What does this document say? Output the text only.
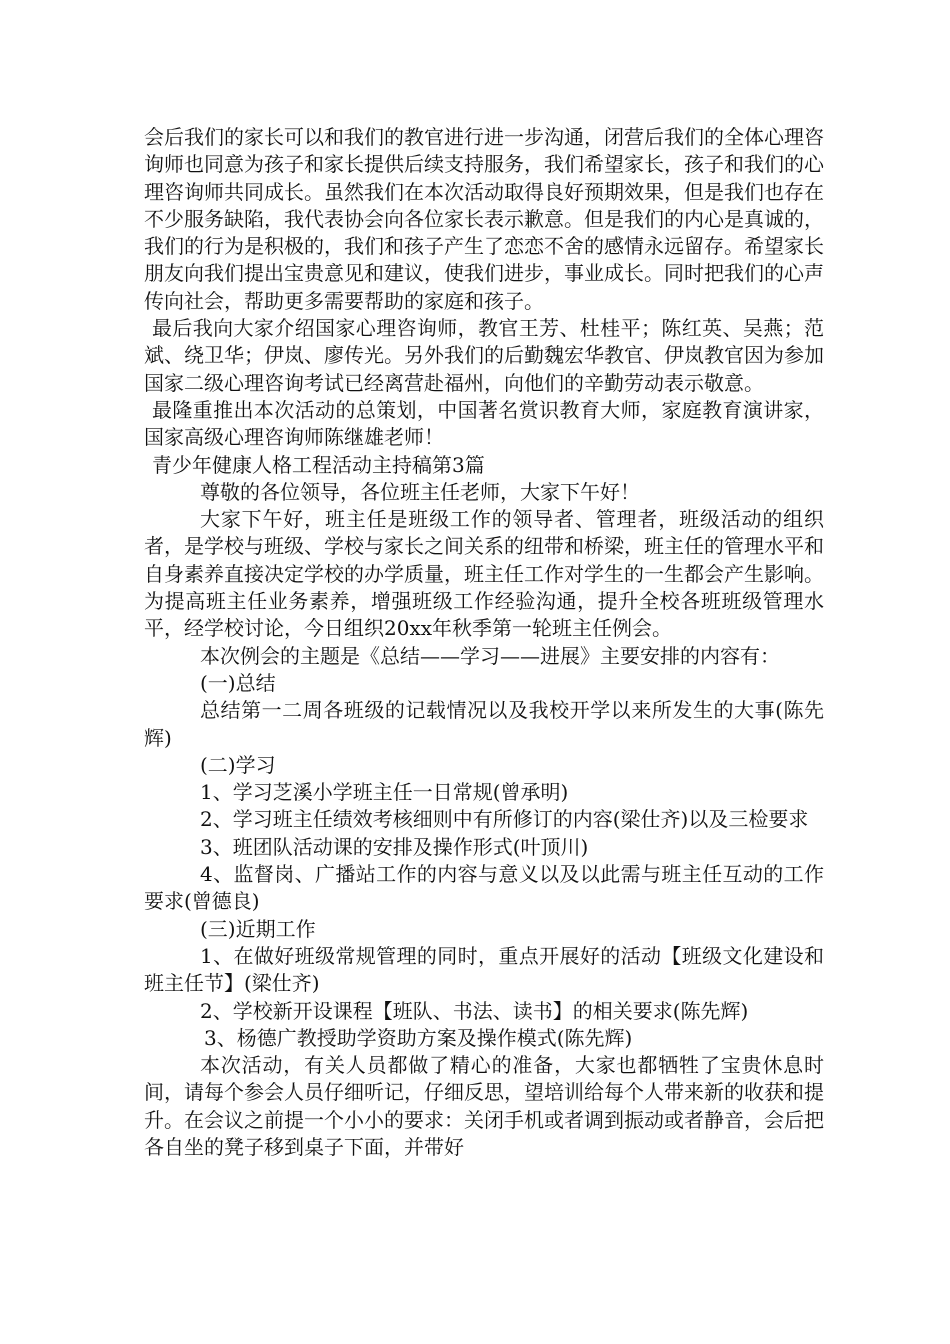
会后我们的家长可以和我们的教官进行进一步沟通，闭营后我们的全体心理咨询师也同意为孩子和家长提供后续支持服务，我们希望家长，孩子和我们的心理咨询师共同成长。虽然我们在本次活动取得良好预期效果，但是我们也存在不少服务缺陷，我代表协会向各位家长表示歉意。但是我们的内心是真诚的，我们的行为是积极的，我们和孩子产生了恋恋不舍的感情永远留存。希望家长朋友向我们提出宝贵意见和建议，使我们进步，事业成长。同时把我们的心声传向社会，帮助更多需要帮助的家庭和孩子。

最后我向大家介绍国家心理咨询师，教官王芳、杜桂平；陈红英、吴燕；范斌、绕卫华；伊岚、廖传光。另外我们的后勤魏宏华教官、伊岚教官因为参加国家二级心理咨询考试已经离营赴福州，向他们的辛勤劳动表示敬意。

最隆重推出本次活动的总策划，中国著名赏识教育大师，家庭教育演讲家，国家高级心理咨询师陈继雄老师！

青少年健康人格工程活动主持稿第3篇

尊敬的各位领导，各位班主任老师，大家下午好！

大家下午好，班主任是班级工作的领导者、管理者，班级活动的组织者，是学校与班级、学校与家长之间关系的纽带和桥梁，班主任的管理水平和自身素养直接决定学校的办学质量，班主任工作对学生的一生都会产生影响。为提高班主任业务素养，增强班级工作经验沟通，提升全校各班班级管理水平，经学校讨论，今日组织20xx年秋季第一轮班主任例会。

本次例会的主题是《总结——学习——进展》主要安排的内容有：

(一)总结

总结第一二周各班级的记载情况以及我校开学以来所发生的大事(陈先辉)

(二)学习

1、学习芝溪小学班主任一日常规(曾承明)

2、学习班主任绩效考核细则中有所修订的内容(梁仕齐)以及三检要求

3、班团队活动课的安排及操作形式(叶顶川)

4、监督岗、广播站工作的内容与意义以及以此需与班主任互动的工作要求(曾德良)

(三)近期工作

1、在做好班级常规管理的同时，重点开展好的活动【班级文化建设和班主任节】(梁仕齐)

2、学校新开设课程【班队、书法、读书】的相关要求(陈先辉)

3、杨德广教授助学资助方案及操作模式(陈先辉)

本次活动，有关人员都做了精心的准备，大家也都牺牲了宝贵休息时间，请每个参会人员仔细听记，仔细反思，望培训给每个人带来新的收获和提升。在会议之前提一个小小的要求：关闭手机或者调到振动或者静音，会后把各自坐的凳子移到桌子下面，并带好
